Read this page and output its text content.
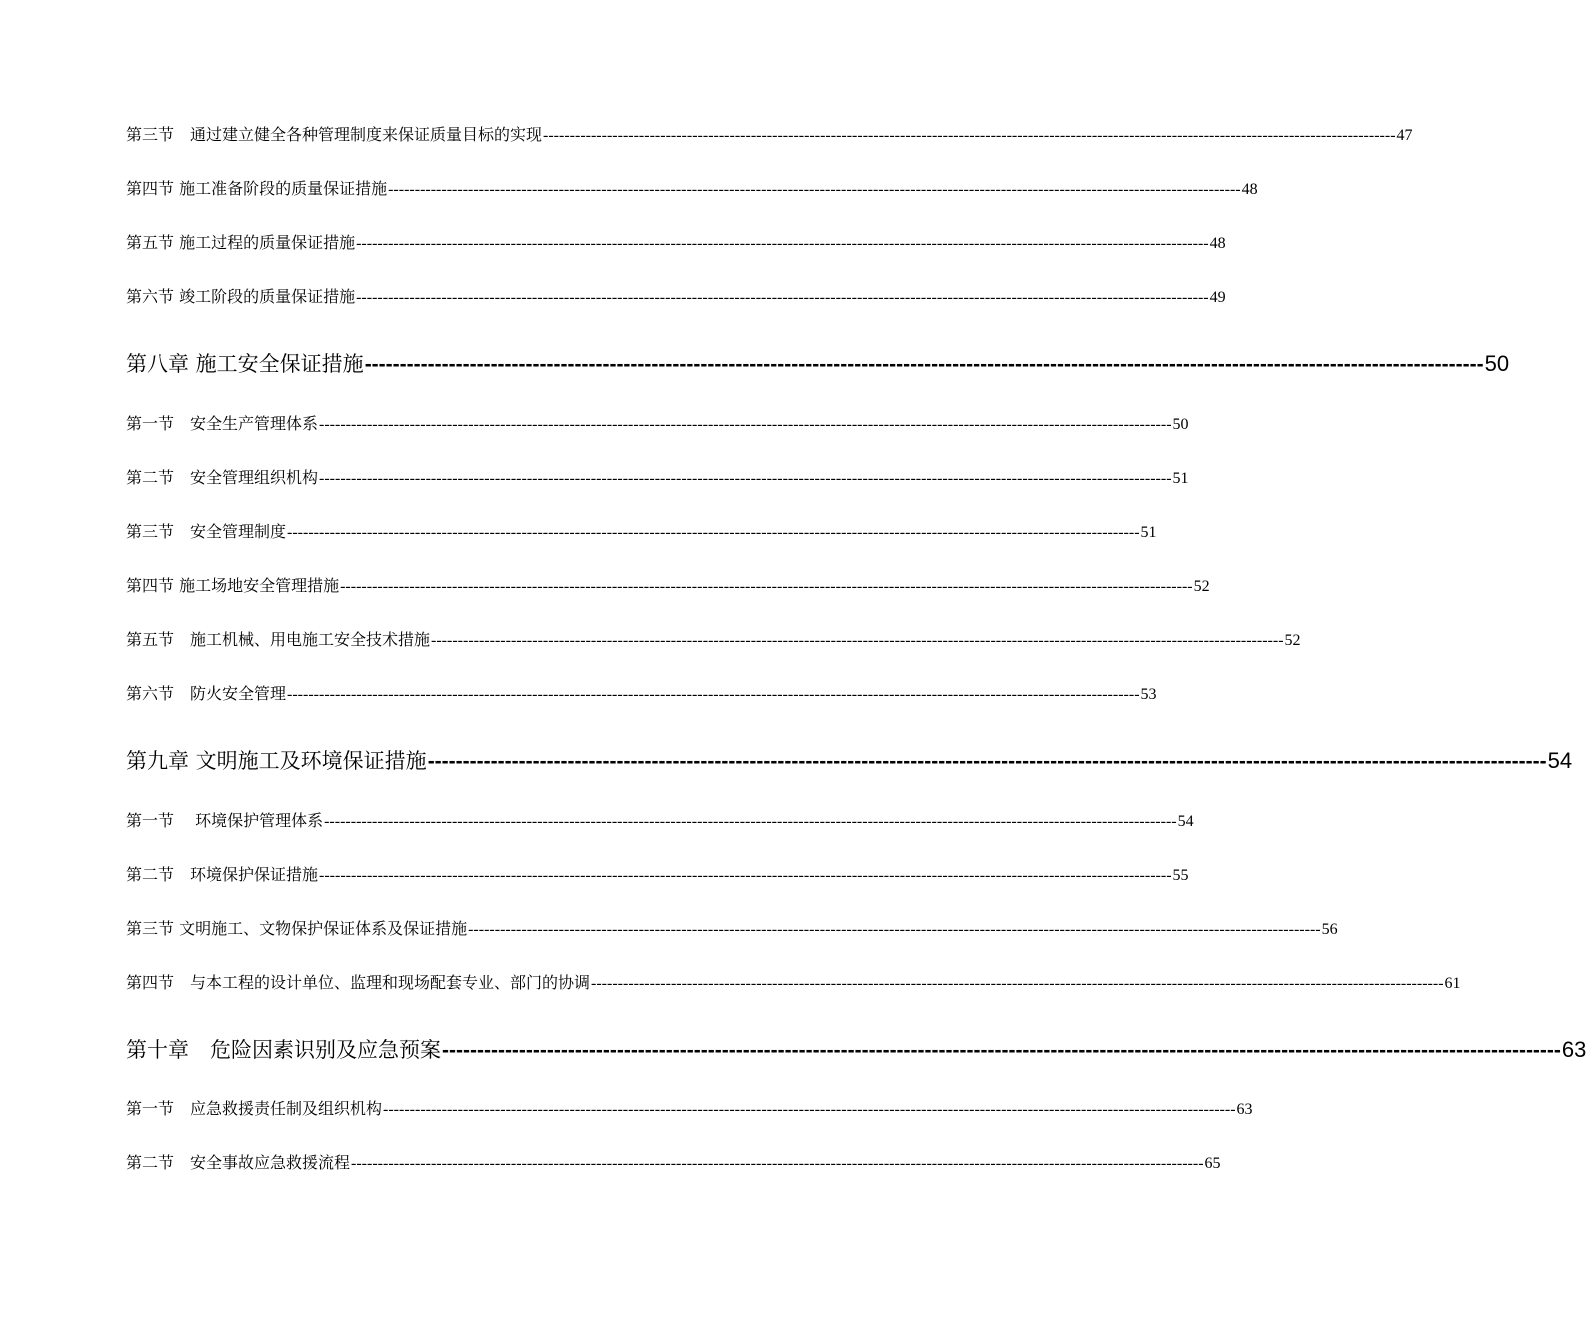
第三节　通过建立健全各种管理制度来保证质量目标的实现 ---------------------------------------------------------------------------------------------------------------------------------------------------------------- 47
第四节 施工准备阶段的质量保证措施 ---------------------------------------------------------------------------------------------------------------------------------------------------------------- 48
第五节 施工过程的质量保证措施 ---------------------------------------------------------------------------------------------------------------------------------------------------------------- 48
第六节 竣工阶段的质量保证措施 ---------------------------------------------------------------------------------------------------------------------------------------------------------------- 49
第八章 施工安全保证措施 ---------------------------------------------------------------------------------------------------------------------------------------------------------------- 50
第一节　安全生产管理体系 ---------------------------------------------------------------------------------------------------------------------------------------------------------------- 50
第二节　安全管理组织机构 ---------------------------------------------------------------------------------------------------------------------------------------------------------------- 51
第三节　安全管理制度 ---------------------------------------------------------------------------------------------------------------------------------------------------------------- 51
第四节 施工场地安全管理措施 ---------------------------------------------------------------------------------------------------------------------------------------------------------------- 52
第五节　施工机械、用电施工安全技术措施 ---------------------------------------------------------------------------------------------------------------------------------------------------------------- 52
第六节　防火安全管理 ---------------------------------------------------------------------------------------------------------------------------------------------------------------- 53
第九章 文明施工及环境保证措施 ---------------------------------------------------------------------------------------------------------------------------------------------------------------- 54
第一节　 环境保护管理体系 ---------------------------------------------------------------------------------------------------------------------------------------------------------------- 54
第二节　环境保护保证措施 ---------------------------------------------------------------------------------------------------------------------------------------------------------------- 55
第三节 文明施工、文物保护保证体系及保证措施 ---------------------------------------------------------------------------------------------------------------------------------------------------------------- 56
第四节　与本工程的设计单位、监理和现场配套专业、部门的协调 ---------------------------------------------------------------------------------------------------------------------------------------------------------------- 61
第十章　危险因素识别及应急预案 ---------------------------------------------------------------------------------------------------------------------------------------------------------------- 63
第一节　应急救援责任制及组织机构 ---------------------------------------------------------------------------------------------------------------------------------------------------------------- 63
第二节　安全事故应急救援流程 ---------------------------------------------------------------------------------------------------------------------------------------------------------------- 65
